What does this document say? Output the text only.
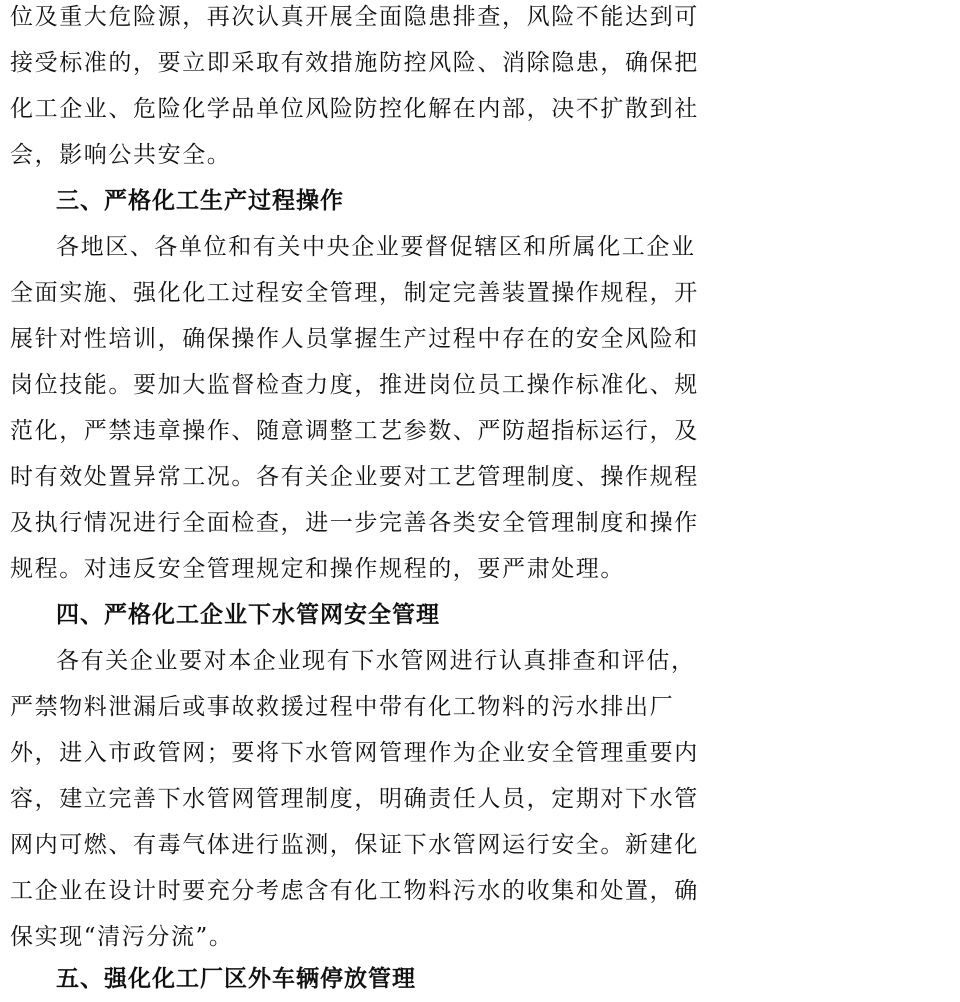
位及重大危险源，再次认真开展全面隐患排查，风险不能达到可
接受标准的，要立即采取有效措施防控风险、消除隐患，确保把
化工企业、危险化学品单位风险防控化解在内部，决不扩散到社
会，影响公共安全。
三、严格化工生产过程操作
各地区、各单位和有关中央企业要督促辖区和所属化工企业
全面实施、强化化工过程安全管理，制定完善装置操作规程，开
展针对性培训，确保操作人员掌握生产过程中存在的安全风险和
岗位技能。要加大监督检查力度，推进岗位员工操作标准化、规
范化，严禁违章操作、随意调整工艺参数、严防超指标运行，及
时有效处置异常工况。各有关企业要对工艺管理制度、操作规程
及执行情况进行全面检查，进一步完善各类安全管理制度和操作
规程。对违反安全管理规定和操作规程的，要严肃处理。
四、严格化工企业下水管网安全管理
各有关企业要对本企业现有下水管网进行认真排查和评估，
严禁物料泄漏后或事故救援过程中带有化工物料的污水排出厂
外，进入市政管网；要将下水管网管理作为企业安全管理重要内
容，建立完善下水管网管理制度，明确责任人员，定期对下水管
网内可燃、有毒气体进行监测，保证下水管网运行安全。新建化
工企业在设计时要充分考虑含有化工物料污水的收集和处置，确
保实现“清污分流”。
五、强化化工厂区外车辆停放管理
